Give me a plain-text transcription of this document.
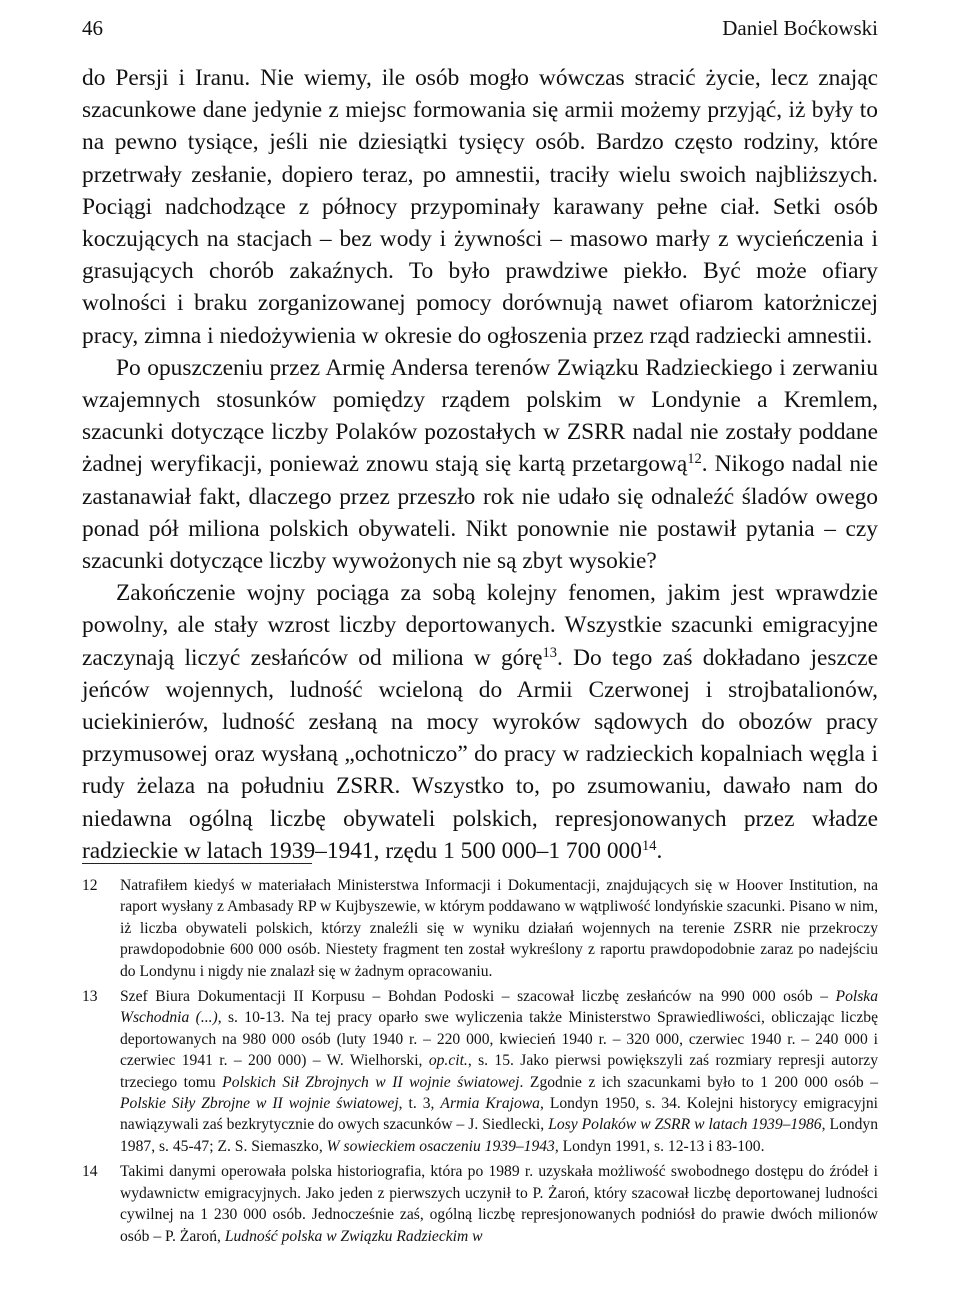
46	Daniel Boćkowski

do Persji i Iranu. Nie wiemy, ile osób mogło wówczas stracić życie, lecz znając szacunkowe dane jedynie z miejsc formowania się armii możemy przyjąć, iż były to na pewno tysiące, jeśli nie dziesiątki tysięcy osób. Bardzo często rodziny, które przetrwały zesłanie, dopiero teraz, po amnestii, traciły wielu swoich najbliższych. Pociągi nadchodzące z północy przypominały karawany pełne ciał. Setki osób koczujących na stacjach – bez wody i żywności – masowo marły z wycieńczenia i grasujących chorób zakaźnych. To było prawdziwe piekło. Być może ofiary wolności i braku zorganizowanej pomocy dorównują nawet ofiarom katorżniczej pracy, zimna i niedożywienia w okresie do ogłoszenia przez rząd radziecki amnestii.

Po opuszczeniu przez Armię Andersa terenów Związku Radzieckiego i zerwaniu wzajemnych stosunków pomiędzy rządem polskim w Londynie a Kremlem, szacunki dotyczące liczby Polaków pozostałych w ZSRR nadal nie zostały poddane żadnej weryfikacji, ponieważ znowu stają się kartą przetargową$^{12}$. Nikogo nadal nie zastanawiał fakt, dlaczego przez przeszło rok nie udało się odnaleźć śladów owego ponad pół miliona polskich obywateli. Nikt ponownie nie postawił pytania – czy szacunki dotyczące liczby wywożonych nie są zbyt wysokie?

Zakończenie wojny pociąga za sobą kolejny fenomen, jakim jest wprawdzie powolny, ale stały wzrost liczby deportowanych. Wszystkie szacunki emigracyjne zaczynają liczyć zesłańców od miliona w górę$^{13}$. Do tego zaś dokładano jeszcze jeńców wojennych, ludność wcieloną do Armii Czerwonej i strojbatalionów, uciekinierów, ludność zesłaną na mocy wyroków sądowych do obozów pracy przymusowej oraz wysłaną „ochotniczo” do pracy w radzieckich kopalniach węgla i rudy żelaza na południu ZSRR. Wszystko to, po zsumowaniu, dawało nam do niedawna ogólną liczbę obywateli polskich, represjonowanych przez władze radzieckie w latach 1939–1941, rzędu 1 500 000–1 700 $000^{14}$.

12 Natrafiłem kiedyś w materiałach Ministerstwa Informacji i Dokumentacji, znajdujących się w Hoover Institution, na raport wysłany z Ambasady RP w Kujbyszewie, w którym poddawano w wątpliwość londyńskie szacunki. Pisano w nim, iż liczba obywateli polskich, którzy znaleźli się w wyniku działań wojennych na terenie ZSRR nie przekroczy prawdopodobnie 600 000 osób. Niestety fragment ten został wykreślony z raportu prawdopodobnie zaraz po nadejściu do Londynu i nigdy nie znalazł się w żadnym opracowaniu.
13 Szef Biura Dokumentacji II Korpusu – Bohdan Podoski – szacował liczbę zesłańców na 990 000 osób – Polska Wschodnia (...), s. 10-13. Na tej pracy oparło swe wyliczenia także Ministerstwo Sprawiedliwości, obliczając liczbę deportowanych na 980 000 osób (luty 1940 r. – 220 000, kwiecień 1940 r. – 320 000, czerwiec 1940 r. – 240 000 i czerwiec 1941 r. – 200 000) – W. Wielhorski, op.cit., s. 15. Jako pierwsi powiększyli zaś rozmiary represji autorzy trzeciego tomu Polskich Sił Zbrojnych w II wojnie światowej. Zgodnie z ich szacunkami było to 1 200 000 osób – Polskie Siły Zbrojne w II wojnie światowej, t. 3, Armia Krajowa, Londyn 1950, s. 34. Kolejni historycy emigracyjni nawiązywali zaś bezkrytycznie do owych szacunków – J. Siedlecki, Losy Polaków w ZSRR w latach 1939–1986, Londyn 1987, s. 45-47; Z. S. Siemaszko, W sowieckiem osaczeniu 1939–1943, Londyn 1991, s. 12-13 i 83-100.
14 Takimi danymi operowała polska historiografia, która po 1989 r. uzyskała możliwość swobodnego dostępu do źródeł i wydawnictw emigracyjnych. Jako jeden z pierwszych uczynił to P. Żaroń, który szacował liczbę deportowanej ludności cywilnej na 1 230 000 osób. Jednocześnie zaś, ogólną liczbę represjonowanych podniósł do prawie dwóch milionów osób – P. Żaroń, Ludność polska w Związku Radzieckim w
